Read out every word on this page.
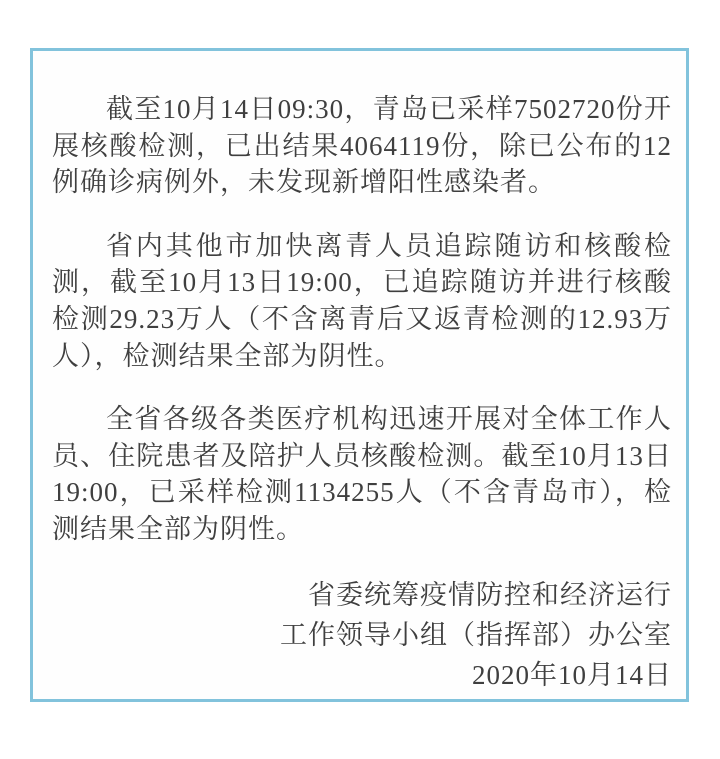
截至10月14日09:30，青岛已采样7502720份开展核酸检测，已出结果4064119份，除已公布的12例确诊病例外，未发现新增阳性感染者。

省内其他市加快离青人员追踪随访和核酸检测，截至10月13日19:00，已追踪随访并进行核酸检测29.23万人（不含离青后又返青检测的12.93万人），检测结果全部为阴性。

全省各级各类医疗机构迅速开展对全体工作人员、住院患者及陪护人员核酸检测。截至10月13日19:00，已采样检测1134255人（不含青岛市），检测结果全部为阴性。

省委统筹疫情防控和经济运行

工作领导小组（指挥部）办公室

2020年10月14日
